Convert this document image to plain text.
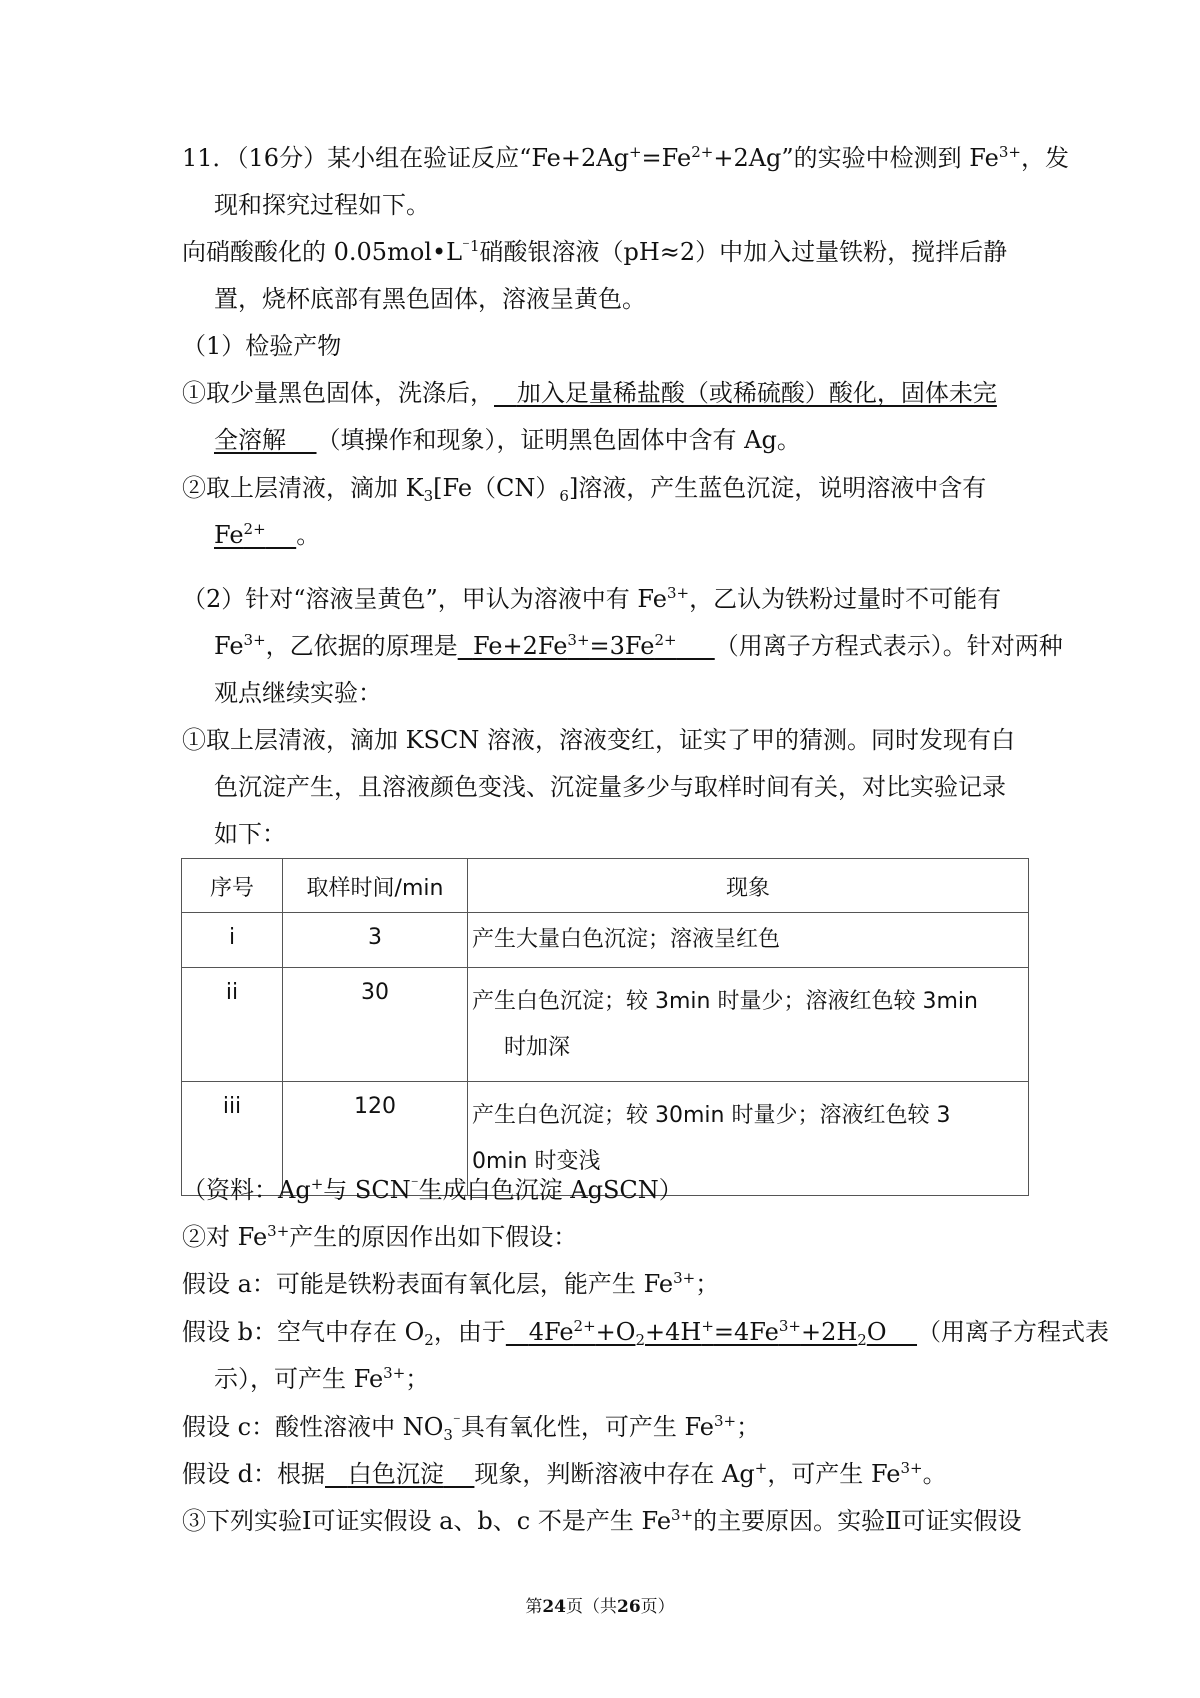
11．（16分）某小组在验证反应“$Fe+2Ag^+=Fe^{2+}+2Ag$”的实验中检测到 $Fe^{3+}$，发
现和探究过程如下。
向硝酸酸化的 $0.05mol•L^{^-1}$硝酸银溶液（pH≈2）中加入过量铁粉，搅拌后静
置，烧杯底部有黑色固体，溶液呈黄色。
（1）检验产物
①取少量黑色固体，洗涤后， 加入足量稀盐酸（或稀硫酸）酸化，固体未完
全溶解 （填操作和现象），证明黑色固体中含有 Ag。
②取上层清液，滴加 $K_3[Fe(CN)_6]$溶液，产生蓝色沉淀，说明溶液中含有
$Fe^{2+}$ 。
（2）针对“溶液呈黄色”，甲认为溶液中有 $Fe^{3+}$，乙认为铁粉过量时不可能有
$Fe^{3+}$，乙依据的原理是 $Fe+2Fe^{3+}=3Fe^{2+}$ （用离子方程式表示）。针对两种
观点继续实验：
①取上层清液，滴加 KSCN 溶液，溶液变红，证实了甲的猜测。同时发现有白
色沉淀产生，且溶液颜色变浅、沉淀量多少与取样时间有关，对比实验记录
如下：
序号	取样时间/min	现象
i	3	产生大量白色沉淀；溶液呈红色
ii	30	产生白色沉淀；较 3min 时量少；溶液红色较 3min
时加深

iii	120	产生白色沉淀；较 30min 时量少；溶液红色较 3
0min 时变浅
（资料：Ag+与 SCN⁻生成白色沉淀 AgSCN）
②对 $Fe^{3+}$产生的原因作出如下假设：
假设 a：可能是铁粉表面有氧化层，能产生 $Fe^{3+}$；
假设 b：空气中存在 $O_2$，由于 $4Fe^{2+}+O_2+4H^+=4Fe^{3+}+2H_2O$ （用离子方程式表
示），可产生 $Fe^{3+}$；
假设 c：酸性溶液中 $NO_3^{^-}$具有氧化性，可产生 $Fe^{3+}$；
假设 d：根据 白色沉淀 现象，判断溶液中存在 Ag+，可产生 $Fe^{3+}$。
③下列实验Ⅰ可证实假设 a、b、c 不是产生 $Fe^{3+}$的主要原因。实验Ⅱ可证实假设
第24页（共26页）
